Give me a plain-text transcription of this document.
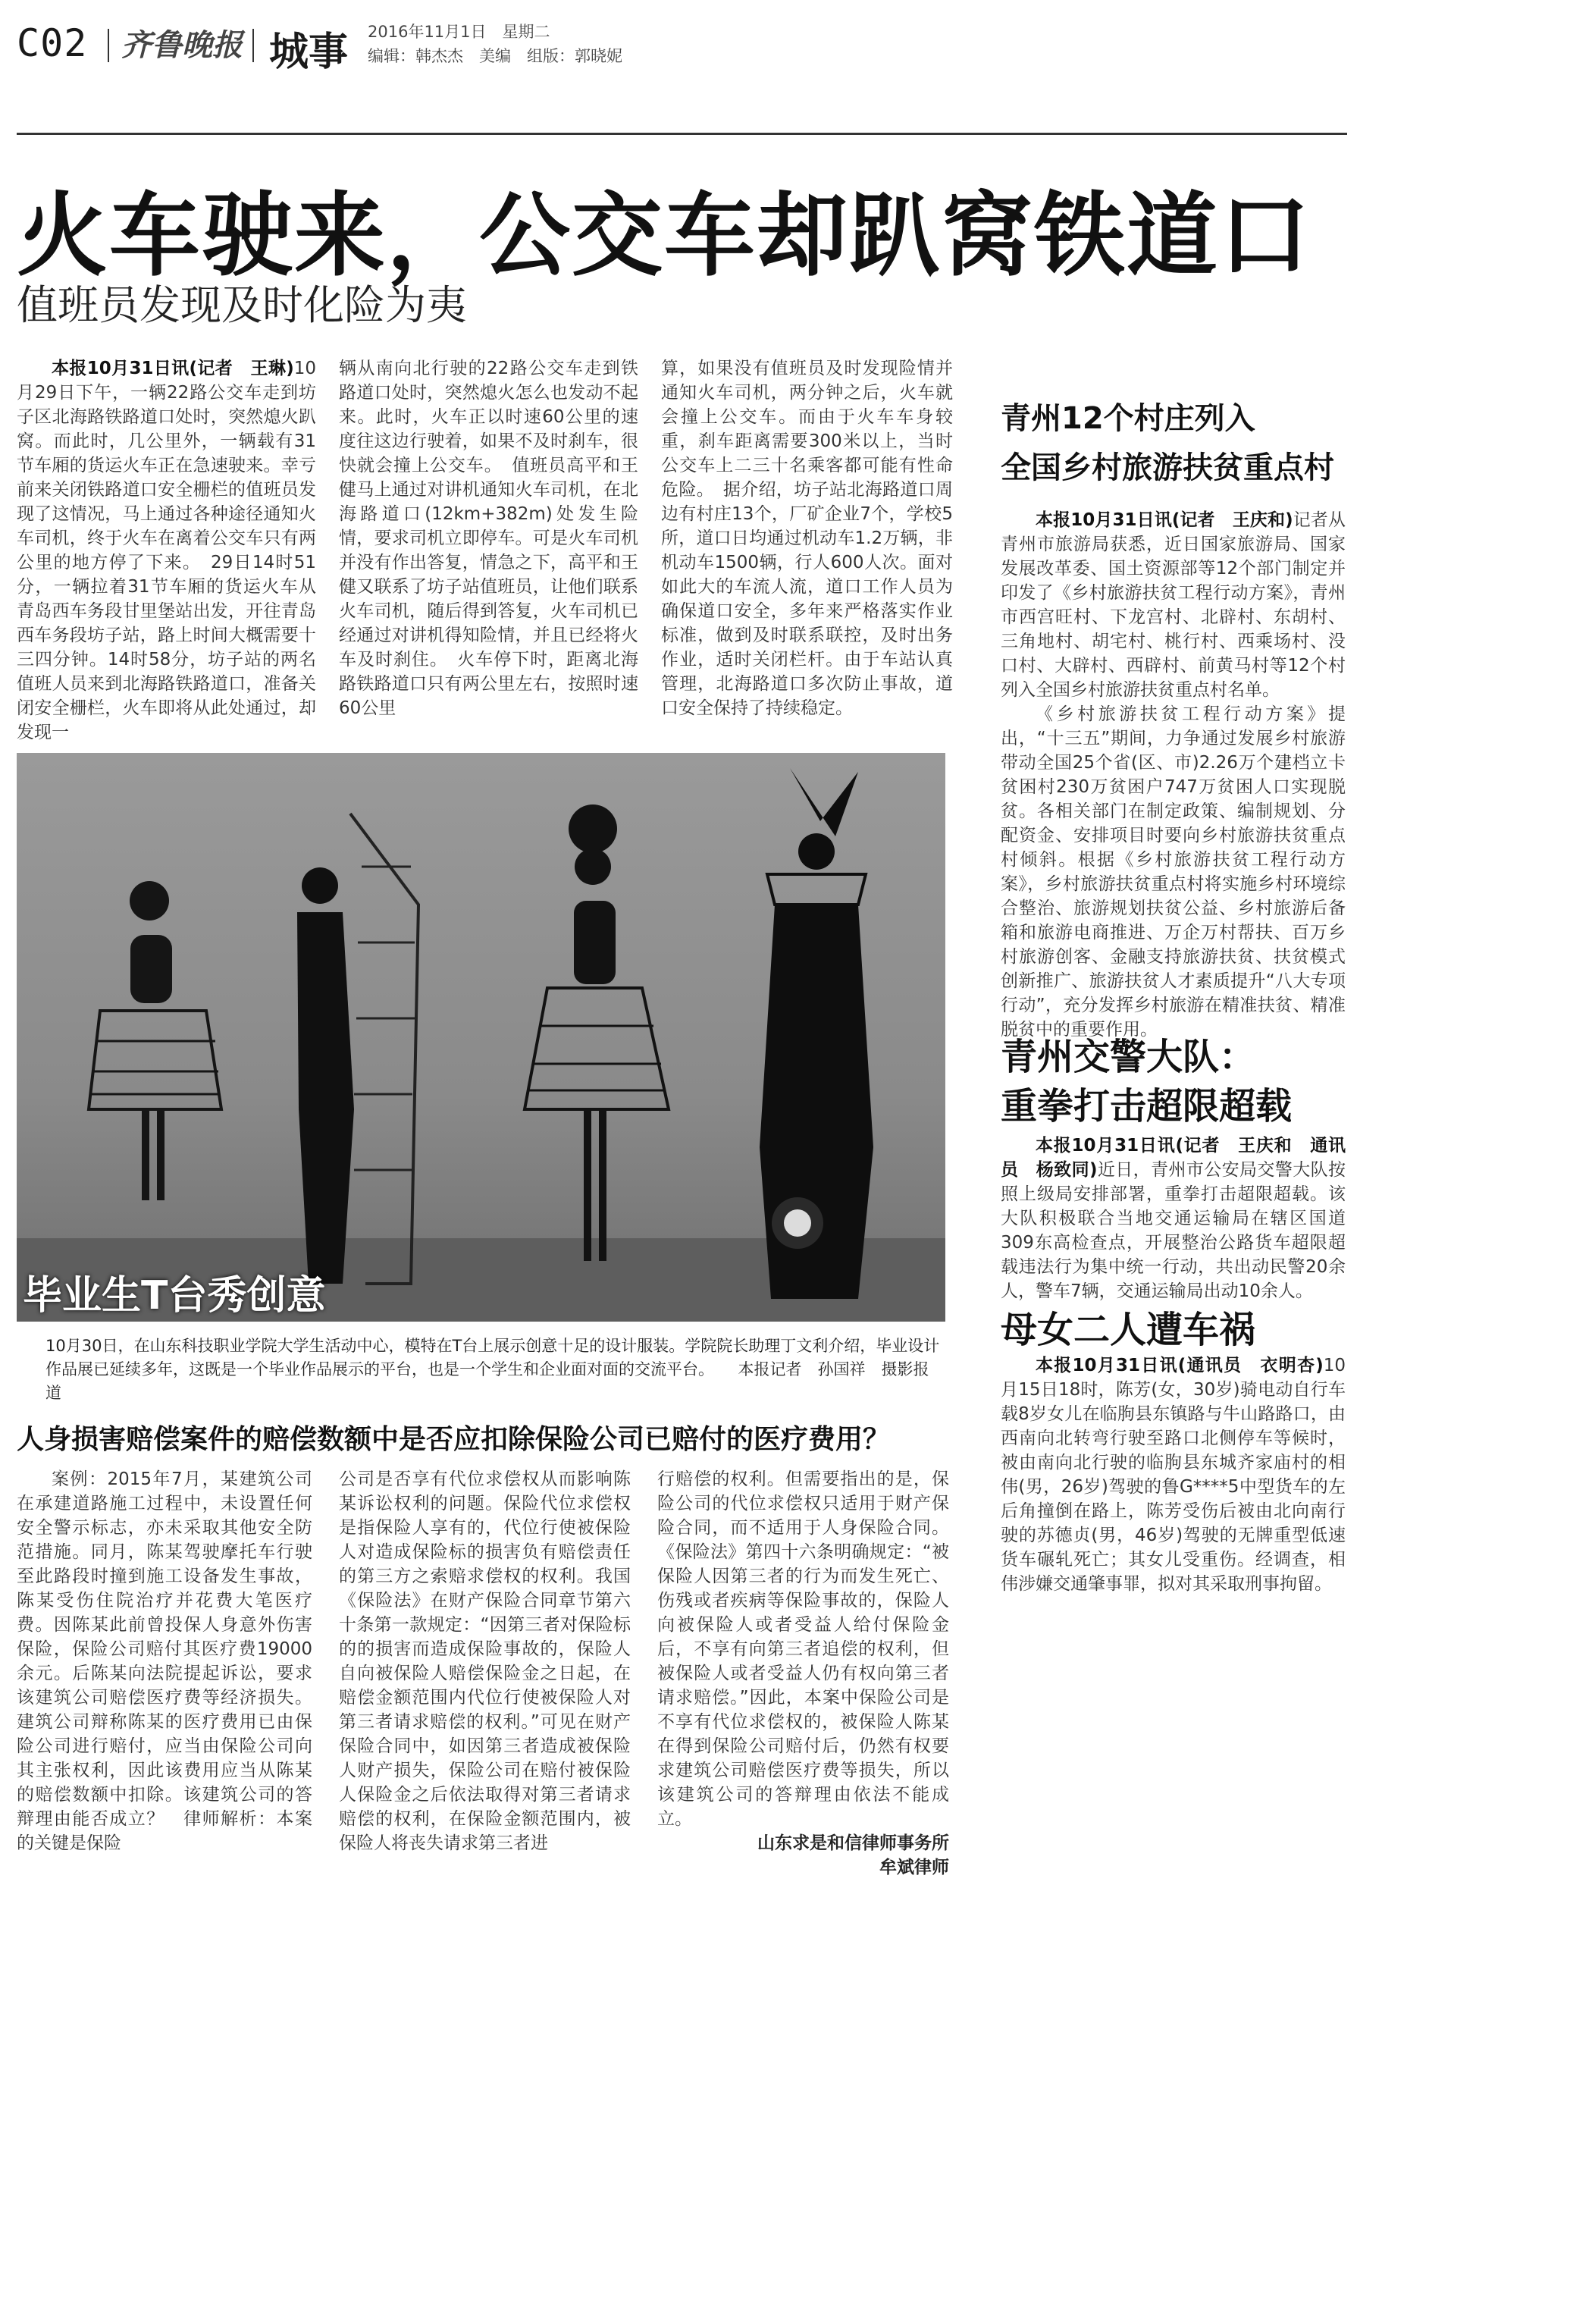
C02 齐鲁晚报 城事 2016年11月1日　星期二
编辑：韩杰杰　美编　组版：郭晓妮
火车驶来，公交车却趴窝铁道口
值班员发现及时化险为夷

本报10月31日讯(记者　王琳)10月29日下午，一辆22路公交车走到坊子区北海路铁路道口处时，突然熄火趴窝。而此时，几公里外，一辆载有31节车厢的货运火车正在急速驶来。幸亏前来关闭铁路道口安全栅栏的值班员发现了这情况，马上通过各种途径通知火车司机，终于火车在离着公交车只有两公里的地方停了下来。　29日14时51分，一辆拉着31节车厢的货运火车从青岛西车务段甘里堡站出发，开往青岛西车务段坊子站，路上时间大概需要十三四分钟。14时58分，坊子站的两名值班人员来到北海路铁路道口，准备关闭安全栅栏，火车即将从此处通过，却发现一

辆从南向北行驶的22路公交车走到铁路道口处时，突然熄火怎么也发动不起来。此时，火车正以时速60公里的速度往这边行驶着，如果不及时刹车，很快就会撞上公交车。　值班员高平和王健马上通过对讲机通知火车司机，在北海路道口(12km+382m)处发生险情，要求司机立即停车。可是火车司机并没有作出答复，情急之下，高平和王健又联系了坊子站值班员，让他们联系火车司机，随后得到答复，火车司机已经通过对讲机得知险情，并且已经将火车及时刹住。　火车停下时，距离北海路铁路道口只有两公里左右，按照时速60公里

算，如果没有值班员及时发现险情并通知火车司机，两分钟之后，火车就会撞上公交车。而由于火车车身较重，刹车距离需要300米以上，当时公交车上二三十名乘客都可能有性命危险。　据介绍，坊子站北海路道口周边有村庄13个，厂矿企业7个，学校5所，道口日均通过机动车1.2万辆，非机动车1500辆，行人600人次。面对如此大的车流人流，道口工作人员为确保道口安全，多年来严格落实作业标准，做到及时联系联控，及时出务作业，适时关闭栏杆。由于车站认真管理，北海路道口多次防止事故，道口安全保持了持续稳定。

毕业生T台秀创意
10月30日，在山东科技职业学院大学生活动中心，模特在T台上展示创意十足的设计服装。学院院长助理丁文利介绍，毕业设计作品展已延续多年，这既是一个毕业作品展示的平台，也是一个学生和企业面对面的交流平台。　　本报记者　孙国祥　摄影报道
青州12个村庄列入
全国乡村旅游扶贫重点村

本报10月31日讯(记者　王庆和)记者从青州市旅游局获悉，近日国家旅游局、国家发展改革委、国土资源部等12个部门制定并印发了《乡村旅游扶贫工程行动方案》，青州市西宫旺村、下龙宫村、北辟村、东胡村、三角地村、胡宅村、桃行村、西乘场村、没口村、大辟村、西辟村、前黄马村等12个村列入全国乡村旅游扶贫重点村名单。

《乡村旅游扶贫工程行动方案》提出，“十三五”期间，力争通过发展乡村旅游带动全国25个省(区、市)2.26万个建档立卡贫困村230万贫困户747万贫困人口实现脱贫。各相关部门在制定政策、编制规划、分配资金、安排项目时要向乡村旅游扶贫重点村倾斜。根据《乡村旅游扶贫工程行动方案》，乡村旅游扶贫重点村将实施乡村环境综合整治、旅游规划扶贫公益、乡村旅游后备箱和旅游电商推进、万企万村帮扶、百万乡村旅游创客、金融支持旅游扶贫、扶贫模式创新推广、旅游扶贫人才素质提升“八大专项行动”，充分发挥乡村旅游在精准扶贫、精准脱贫中的重要作用。

青州交警大队：
重拳打击超限超载

本报10月31日讯(记者　王庆和　通讯员　杨致同)近日，青州市公安局交警大队按照上级局安排部署，重拳打击超限超载。该大队积极联合当地交通运输局在辖区国道309东高检查点，开展整治公路货车超限超载违法行为集中统一行动，共出动民警20余人，警车7辆，交通运输局出动10余人。

母女二人遭车祸

本报10月31日讯(通讯员　衣明杏)10月15日18时，陈芳(女，30岁)骑电动自行车载8岁女儿在临朐县东镇路与牛山路路口，由西南向北转弯行驶至路口北侧停车等候时，被由南向北行驶的临朐县东城齐家庙村的相伟(男，26岁)驾驶的鲁G****5中型货车的左后角撞倒在路上，陈芳受伤后被由北向南行驶的苏德贞(男，46岁)驾驶的无牌重型低速货车碾轧死亡；其女儿受重伤。经调查，相伟涉嫌交通肇事罪，拟对其采取刑事拘留。

人身损害赔偿案件的赔偿数额中是否应扣除保险公司已赔付的医疗费用？

案例：2015年7月，某建筑公司在承建道路施工过程中，未设置任何安全警示标志，亦未采取其他安全防范措施。同月，陈某驾驶摩托车行驶至此路段时撞到施工设备发生事故，陈某受伤住院治疗并花费大笔医疗费。因陈某此前曾投保人身意外伤害保险，保险公司赔付其医疗费19000余元。后陈某向法院提起诉讼，要求该建筑公司赔偿医疗费等经济损失。建筑公司辩称陈某的医疗费用已由保险公司进行赔付，应当由保险公司向其主张权利，因此该费用应当从陈某的赔偿数额中扣除。该建筑公司的答辩理由能否成立？　律师解析：本案的关键是保险

公司是否享有代位求偿权从而影响陈某诉讼权利的问题。保险代位求偿权是指保险人享有的，代位行使被保险人对造成保险标的损害负有赔偿责任的第三方之索赔求偿权的权利。我国《保险法》在财产保险合同章节第六十条第一款规定：“因第三者对保险标的的损害而造成保险事故的，保险人自向被保险人赔偿保险金之日起，在赔偿金额范围内代位行使被保险人对第三者请求赔偿的权利。”可见在财产保险合同中，如因第三者造成被保险人财产损失，保险公司在赔付被保险人保险金之后依法取得对第三者请求赔偿的权利，在保险金额范围内，被保险人将丧失请求第三者进

行赔偿的权利。但需要指出的是，保险公司的代位求偿权只适用于财产保险合同，而不适用于人身保险合同。《保险法》第四十六条明确规定：“被保险人因第三者的行为而发生死亡、伤残或者疾病等保险事故的，保险人向被保险人或者受益人给付保险金后，不享有向第三者追偿的权利，但被保险人或者受益人仍有权向第三者请求赔偿。”因此，本案中保险公司是不享有代位求偿权的，被保险人陈某在得到保险公司赔付后，仍然有权要求建筑公司赔偿医疗费等损失，所以该建筑公司的答辩理由依法不能成立。

山东求是和信律师事务所
牟斌律师
